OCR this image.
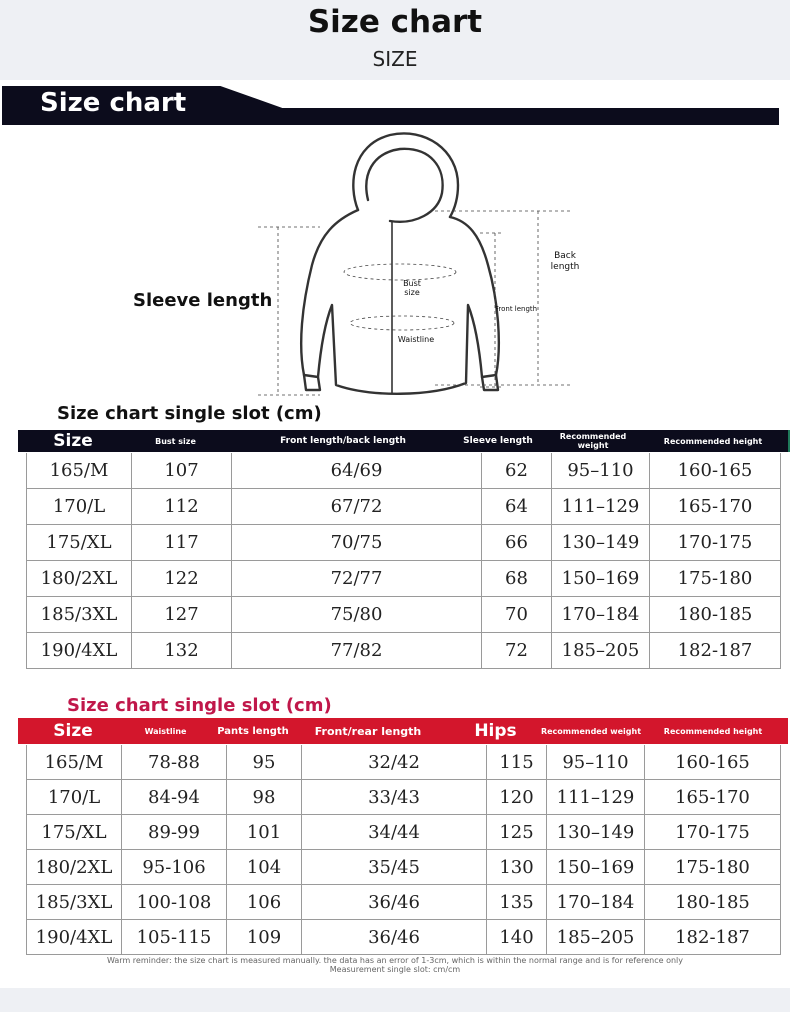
Size chart
SIZE
Size chart
Sleeve length
Back length
Bust size
Front length
Waistline
Size chart single slot (cm)
Size	Bust size	Front length/back length	Sleeve length	Recommended weight	Recommended height
165/M	107	64/69	62	95–110	160-165
170/L	112	67/72	64	111–129	165-170
175/XL	117	70/75	66	130–149	170-175
180/2XL	122	72/77	68	150–169	175-180
185/3XL	127	75/80	70	170–184	180-185
190/4XL	132	77/82	72	185–205	182-187
Size chart single slot (cm)
Size	Waistline	Pants length	Front/rear length	Hips	Recommended weight	Recommended height
165/M	78-88	95	32/42	115	95–110	160-165
170/L	84-94	98	33/43	120	111–129	165-170
175/XL	89-99	101	34/44	125	130–149	170-175
180/2XL	95-106	104	35/45	130	150–169	175-180
185/3XL	100-108	106	36/46	135	170–184	180-185
190/4XL	105-115	109	36/46	140	185–205	182-187
Warm reminder: the size chart is measured manually. the data has an error of 1-3cm, which is within the normal range and is for reference only
Measurement single slot: cm/cm
